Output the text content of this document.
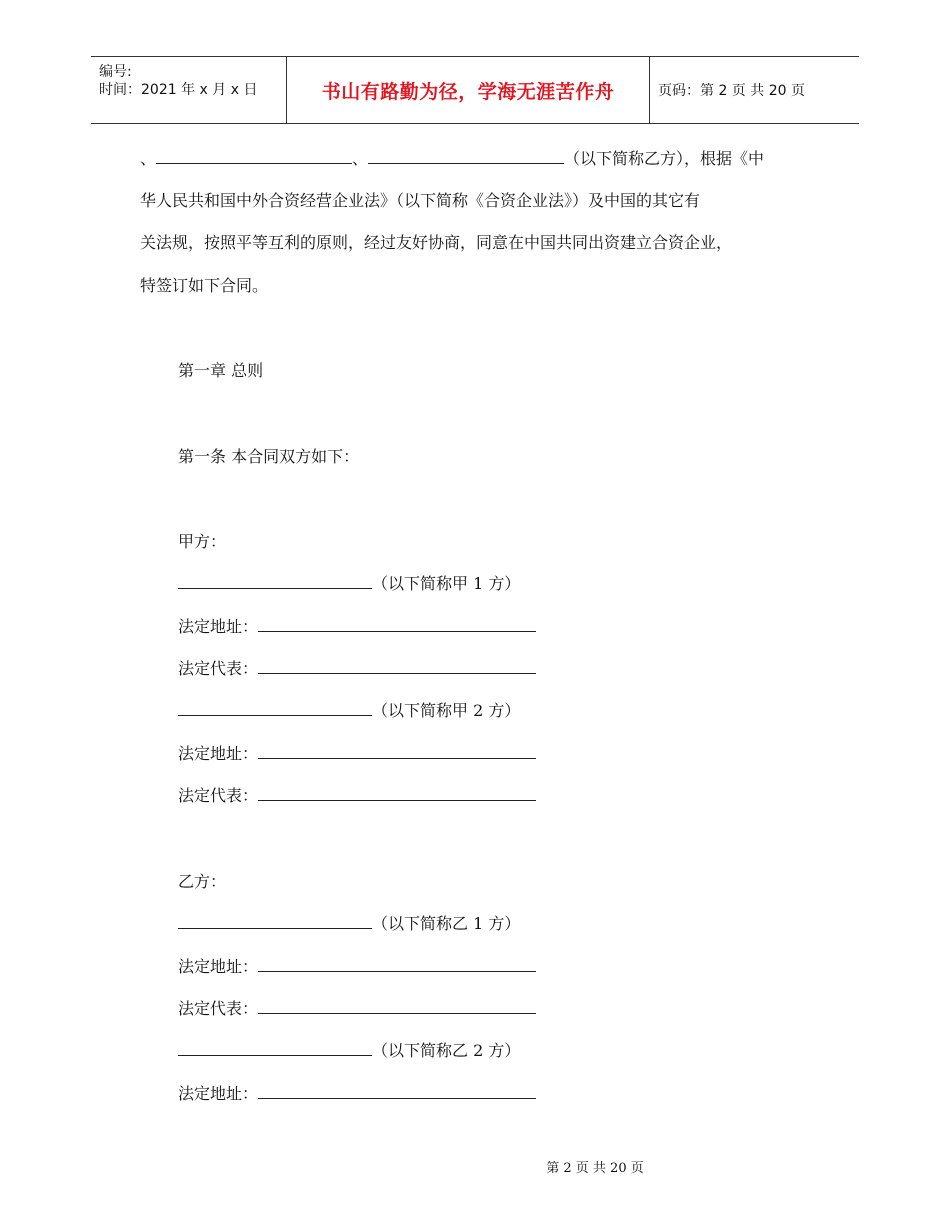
编号:
时间：2021 年 x 月 x 日	书山有路勤为径，学海无涯苦作舟	页码：第 2 页 共 20 页
、	、	（以下简称乙方），根据《中
华人民共和国中外合资经营企业法》（以下简称《合资企业法》）及中国的其它有
关法规，按照平等互利的原则，经过友好协商，同意在中国共同出资建立合资企业，
特签订如下合同。
第一章 总则
第一条 本合同双方如下：
甲方：
（以下简称甲 1 方）
法定地址：
法定代表：
（以下简称甲 2 方）
法定地址：
法定代表：
乙方：
（以下简称乙 1 方）
法定地址：
法定代表：
（以下简称乙 2 方）
法定地址：
第 2 页 共 20 页
